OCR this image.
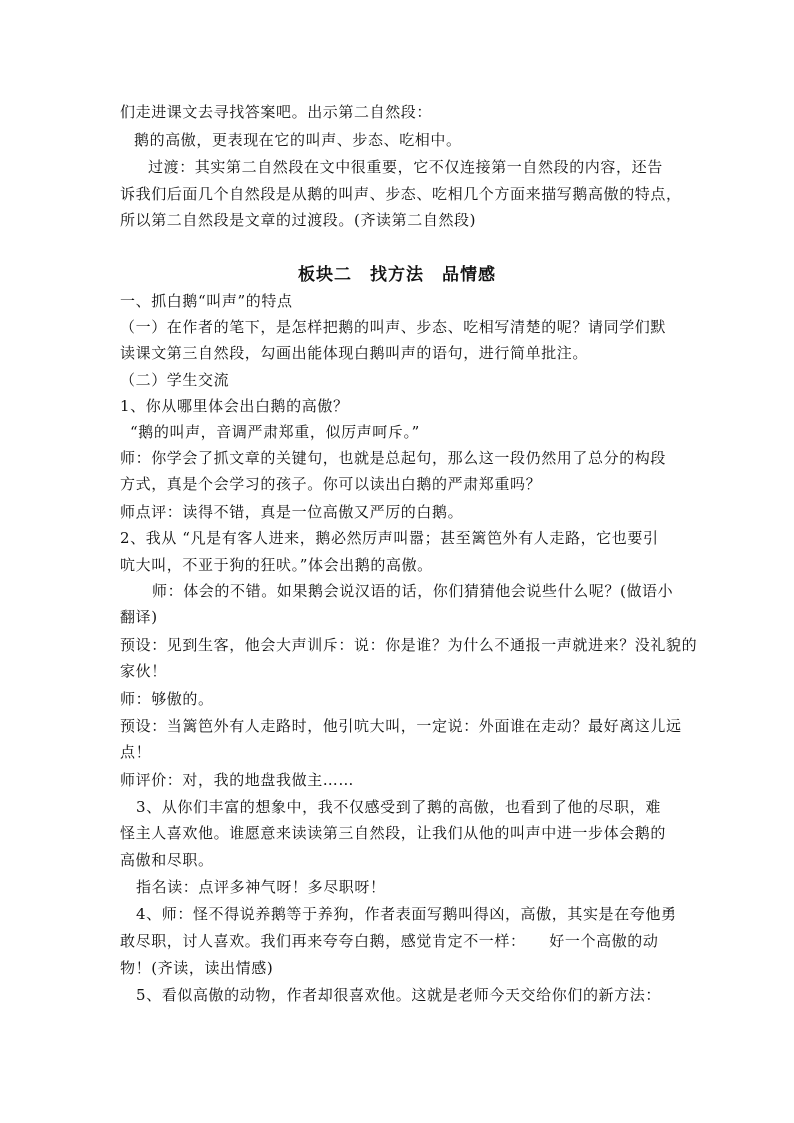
们走进课文去寻找答案吧。出示第二自然段：
鹅的高傲，更表现在它的叫声、步态、吃相中。
过渡：其实第二自然段在文中很重要，它不仅连接第一自然段的内容，还告
诉我们后面几个自然段是从鹅的叫声、步态、吃相几个方面来描写鹅高傲的特点，
所以第二自然段是文章的过渡段。(齐读第二自然段)
板块二　找方法　品情感
一、抓白鹅“叫声”的特点
（一）在作者的笔下，是怎样把鹅的叫声、步态、吃相写清楚的呢？请同学们默
读课文第三自然段，勾画出能体现白鹅叫声的语句，进行简单批注。
（二）学生交流
1、你从哪里体会出白鹅的高傲？
“鹅的叫声，音调严肃郑重，似厉声呵斥。”
师：你学会了抓文章的关键句，也就是总起句，那么这一段仍然用了总分的构段
方式，真是个会学习的孩子。你可以读出白鹅的严肃郑重吗？
师点评：读得不错，真是一位高傲又严厉的白鹅。
2、我从 “凡是有客人进来，鹅必然厉声叫嚣；甚至篱笆外有人走路，它也要引
吭大叫，不亚于狗的狂吠。”体会出鹅的高傲。
师：体会的不错。如果鹅会说汉语的话，你们猜猜他会说些什么呢？(做语小
翻译)
预设：见到生客，他会大声训斥：说：你是谁？为什么不通报一声就进来？没礼貌的
家伙！
师：够傲的。
预设：当篱笆外有人走路时，他引吭大叫，一定说：外面谁在走动？最好离这儿远
点！
师评价：对，我的地盘我做主……
3、从你们丰富的想象中，我不仅感受到了鹅的高傲，也看到了他的尽职，难
怪主人喜欢他。谁愿意来读读第三自然段，让我们从他的叫声中进一步体会鹅的
高傲和尽职。
指名读：点评多神气呀！多尽职呀！
4、师：怪不得说养鹅等于养狗，作者表面写鹅叫得凶，高傲，其实是在夸他勇
敢尽职，讨人喜欢。我们再来夸夸白鹅，感觉肯定不一样：　　好一个高傲的动
物！(齐读，读出情感)
5、看似高傲的动物，作者却很喜欢他。这就是老师今天交给你们的新方法：
